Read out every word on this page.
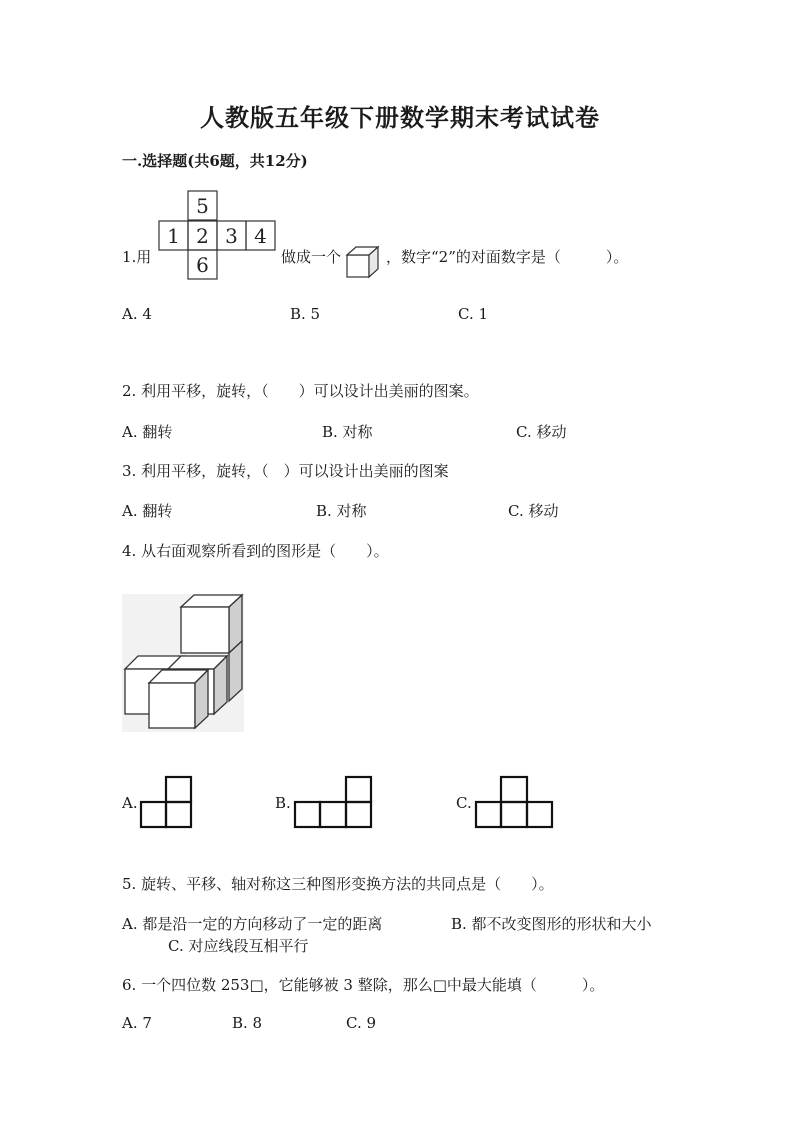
人教版五年级下册数学期末考试试卷
一.选择题(共6题，共12分)
1.用
5
1 2 3 4
6	做成一个	，数字“2”的对面数字是（　　　）。
A. 4	B. 5	C. 1
2. 利用平移，旋转，（　　）可以设计出美丽的图案。
A. 翻转	B. 对称	C. 移动
3. 利用平移，旋转，（　）可以设计出美丽的图案
A. 翻转	B. 对称	C. 移动
4. 从右面观察所看到的图形是（　　）。
A.	B.	C.
5. 旋转、平移、轴对称这三种图形变换方法的共同点是（　　）。
A. 都是沿一定的方向移动了一定的距离	B. 都不改变图形的形状和大小
C. 对应线段互相平行
6. 一个四位数 253□，它能够被 3 整除，那么□中最大能填（　　　）。
A. 7	B. 8	C. 9
